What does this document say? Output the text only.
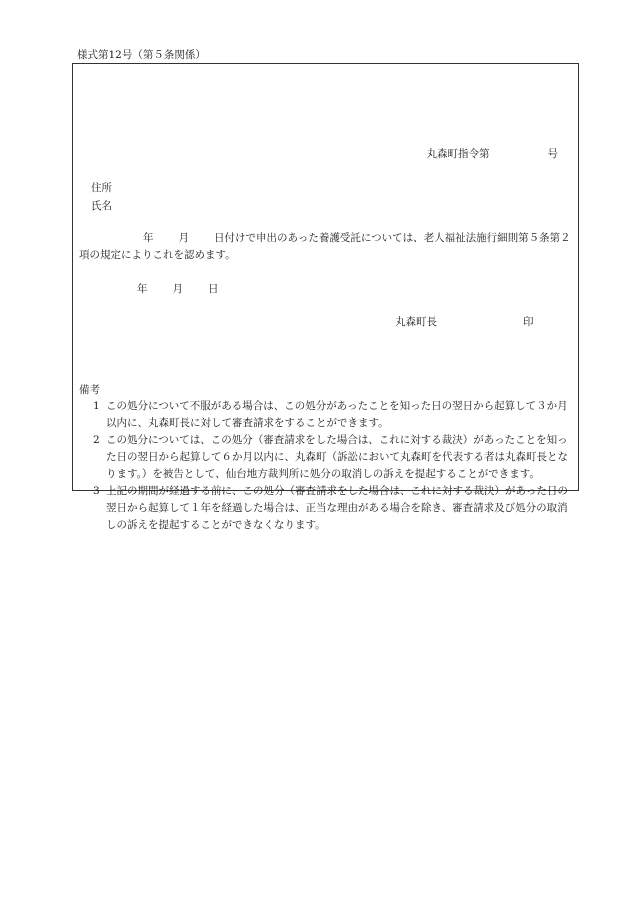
様式第12号（第５条関係）
丸森町指令第	号
住所
氏名
年 月 日付けで申出のあった養護受託については、老人福祉法施行細則第５条第２項の規定によりこれを認めます。
年 月 日
丸森町長	印
備考
1 この処分について不服がある場合は、この処分があったことを知った日の翌日から起算して３か月以内に、丸森町長に対して審査請求をすることができます。
2 この処分については、この処分（審査請求をした場合は、これに対する裁決）があったことを知った日の翌日から起算して６か月以内に、丸森町（訴訟において丸森町を代表する者は丸森町長となります。）を被告として、仙台地方裁判所に処分の取消しの訴えを提起することができます。
3 上記の期間が経過する前に、この処分（審査請求をした場合は、これに対する裁決）があった日の翌日から起算して１年を経過した場合は、正当な理由がある場合を除き、審査請求及び処分の取消しの訴えを提起することができなくなります。
